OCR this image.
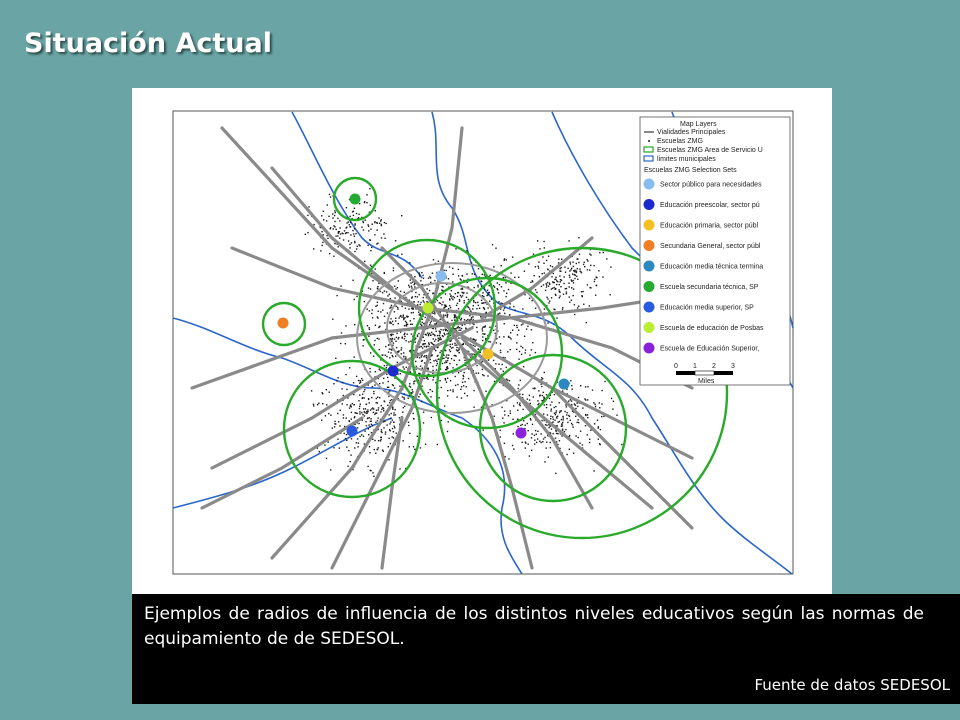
Situación Actual
Map Layers
Vialidades Principales
Escuelas ZMG
Escuelas ZMG Area de Servicio U
limites municipales
Escuelas ZMG Selection Sets
Sector público para necesidades
Educación preescolar, sector pú
Educación primaria, sector públ
Secundaria General, sector públ
Educación media técnica termina
Escuela secundaria técnica, SP
Educación media superior, SP
Escuela de educación de Posbas
Escuela de Educación Superior,
0 1 2 3
Miles
Ejemplos de radios de influencia de los distintos niveles educativos según las normas de equipamiento de de SEDESOL.
Fuente de datos SEDESOL
